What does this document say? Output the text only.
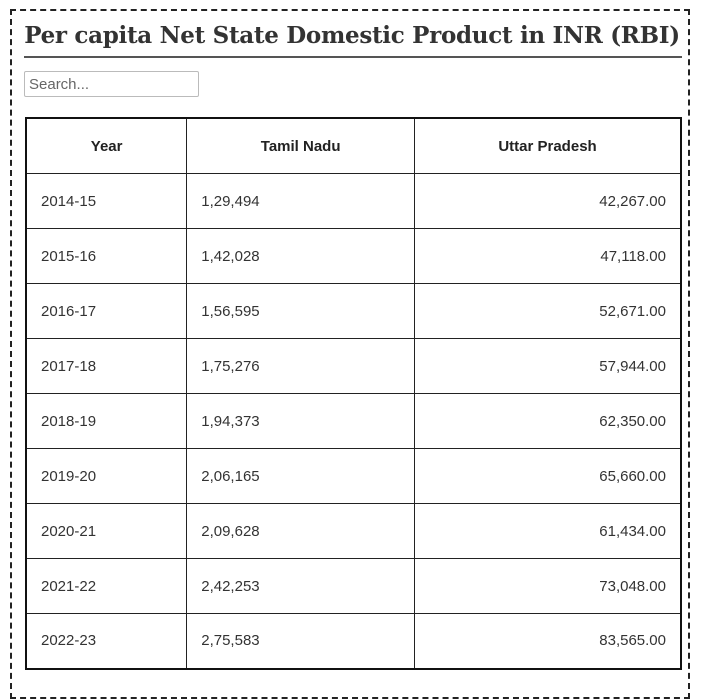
Per capita Net State Domestic Product in INR (RBI)
Search...
Year	Tamil Nadu	Uttar Pradesh
2014-15	1,29,494	42,267.00
2015-16	1,42,028	47,118.00
2016-17	1,56,595	52,671.00
2017-18	1,75,276	57,944.00
2018-19	1,94,373	62,350.00
2019-20	2,06,165	65,660.00
2020-21	2,09,628	61,434.00
2021-22	2,42,253	73,048.00
2022-23	2,75,583	83,565.00
